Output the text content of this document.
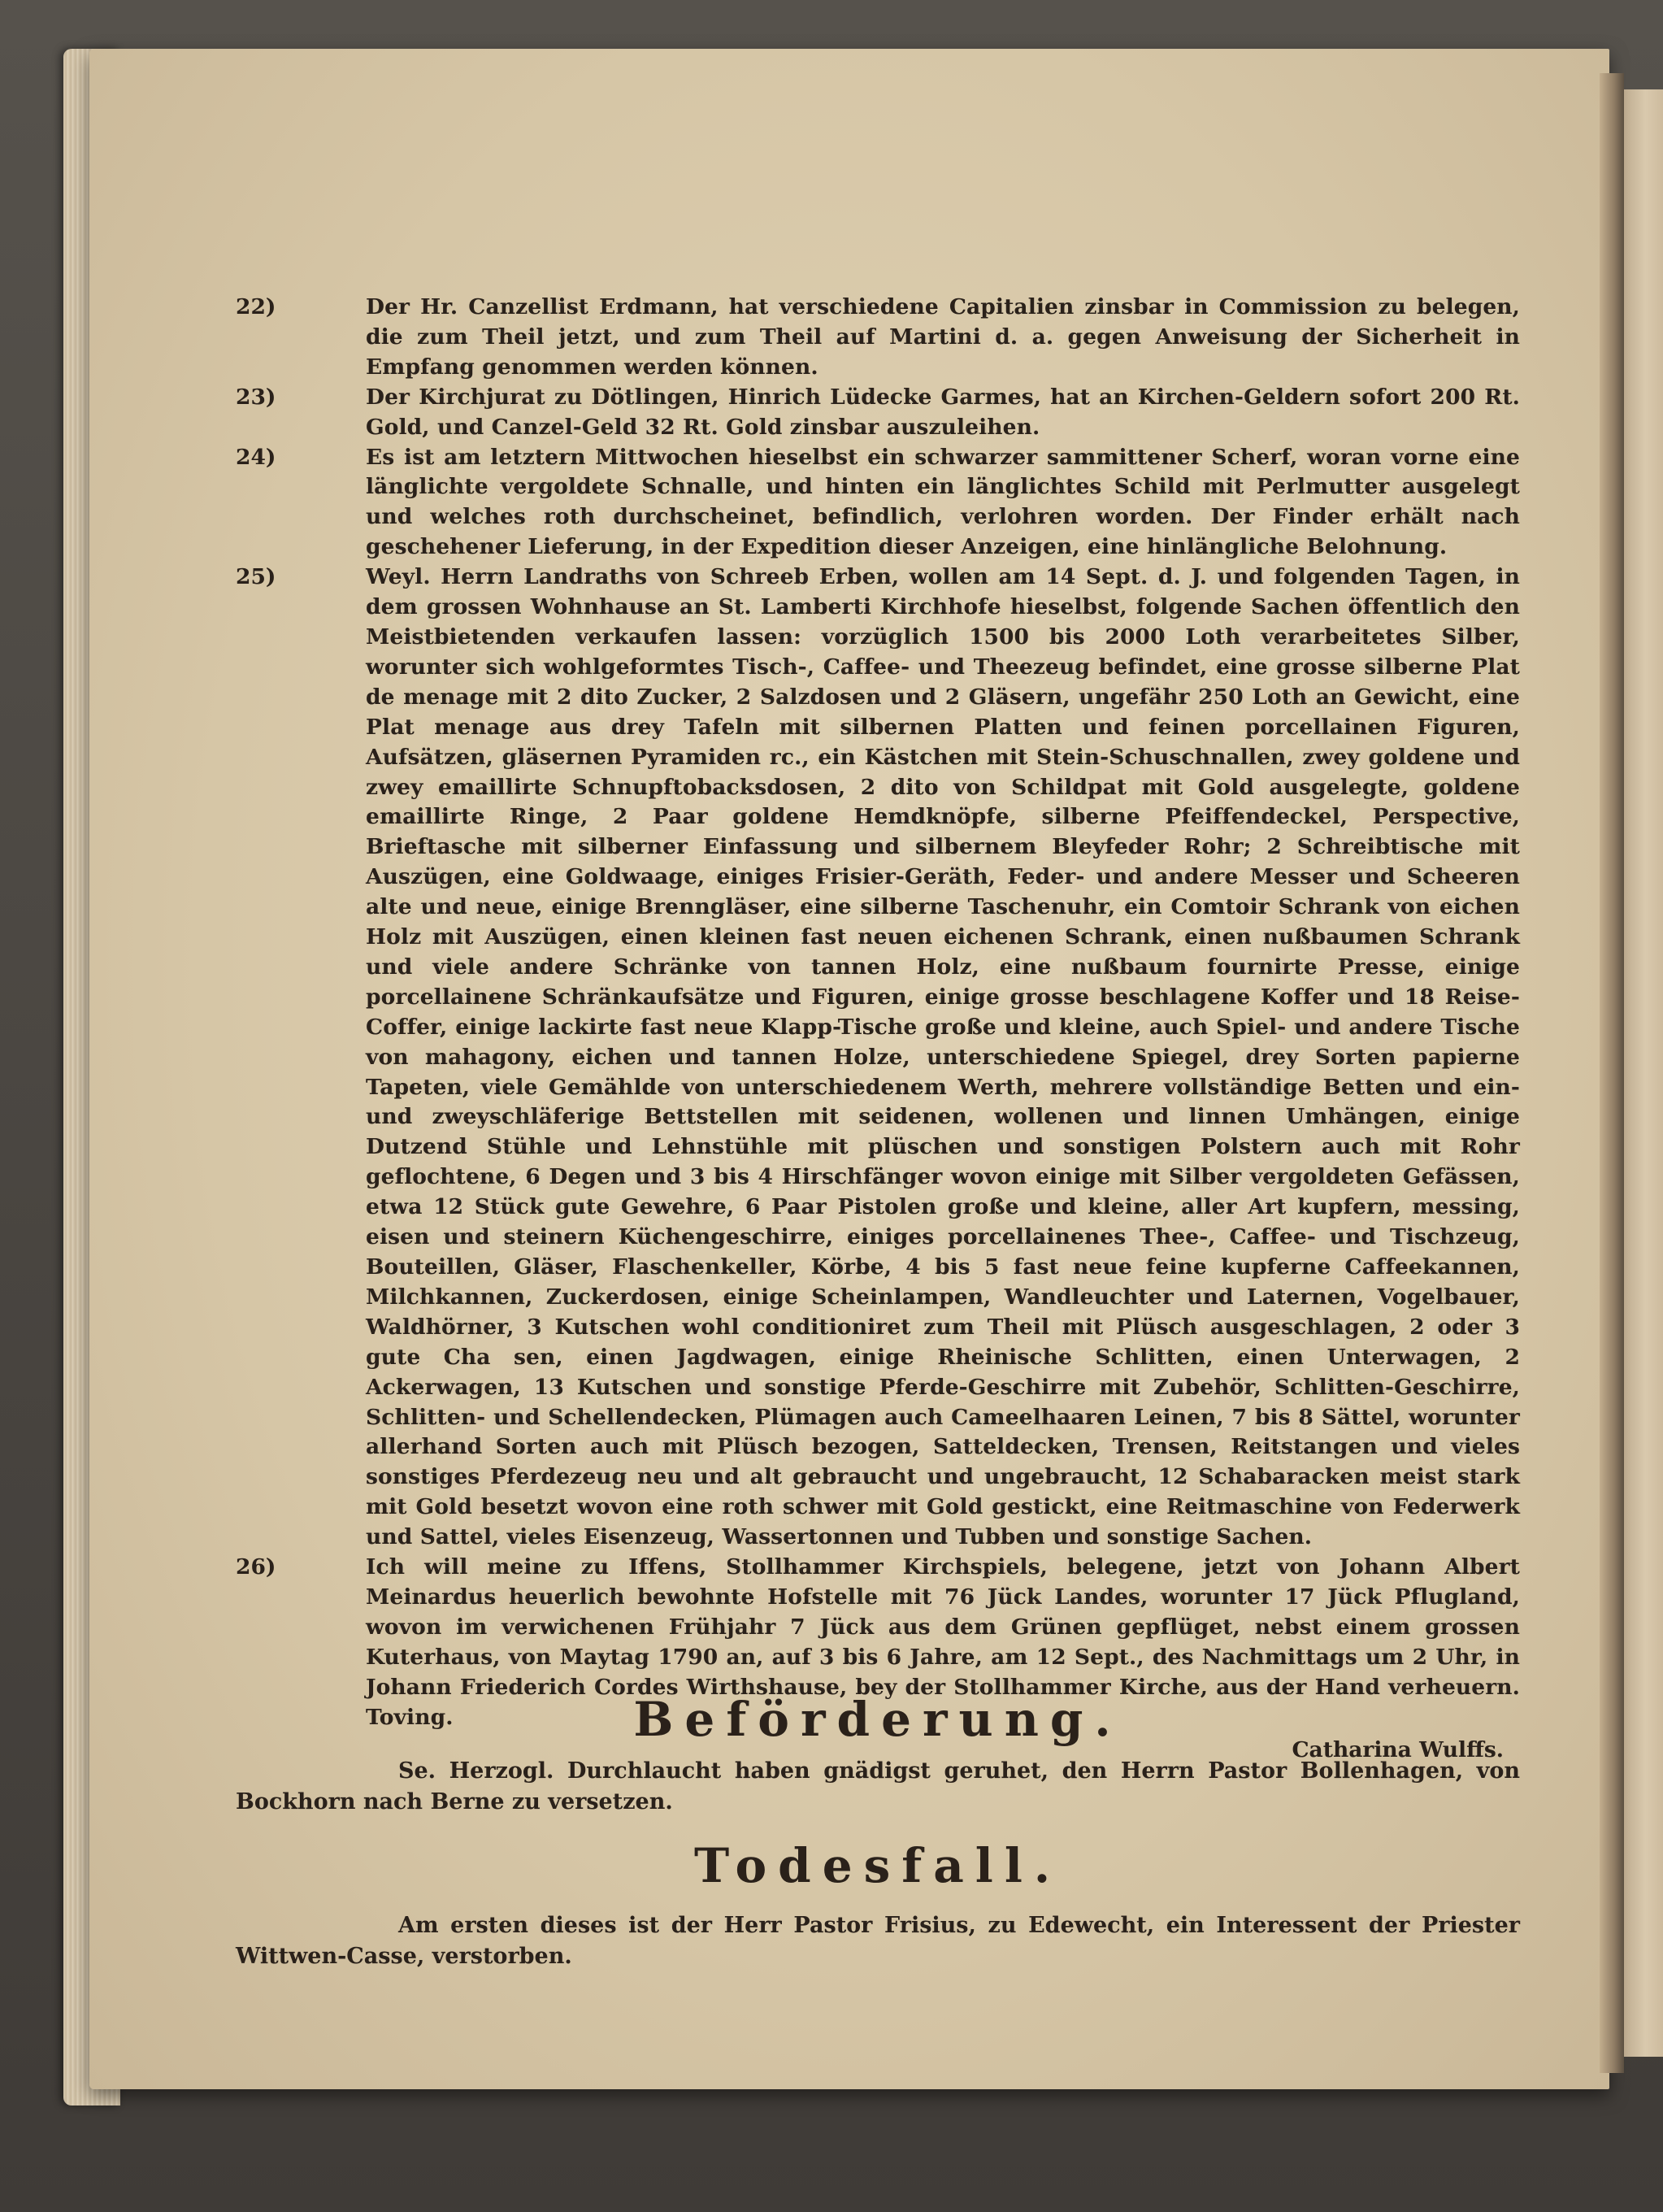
22)	Der Hr. Canzellist Erdmann, hat verschiedene Capitalien zinsbar in Commission zu belegen, die zum Theil jetzt, und zum Theil auf Martini d. a. gegen Anweisung der Sicherheit in Empfang genommen werden können.

23)	Der Kirchjurat zu Dötlingen, Hinrich Lüdecke Garmes, hat an Kirchen-Geldern sofort 200 Rt. Gold, und Canzel-Geld 32 Rt. Gold zinsbar auszuleihen.

24)	Es ist am letztern Mittwochen hieselbst ein schwarzer sammittener Scherf, woran vorne eine länglichte vergoldete Schnalle, und hinten ein länglichtes Schild mit Perlmutter ausgelegt und welches roth durchscheinet, befindlich, verlohren worden. Der Finder erhält nach geschehener Lieferung, in der Expedition dieser Anzeigen, eine hinlängliche Belohnung.

25)	Weyl. Herrn Landraths von Schreeb Erben, wollen am 14 Sept. d. J. und folgenden Tagen, in dem grossen Wohnhause an St. Lamberti Kirchhofe hieselbst, folgende Sachen öffentlich den Meistbietenden verkaufen lassen: vorzüglich 1500 bis 2000 Loth verarbeitetes Silber, worunter sich wohlgeformtes Tisch-, Caffee- und Theezeug befindet, eine grosse silberne Plat de menage mit 2 dito Zucker, 2 Salzdosen und 2 Gläsern, ungefähr 250 Loth an Gewicht, eine Plat menage aus drey Tafeln mit silbernen Platten und feinen porcellainen Figuren, Aufsätzen, gläsernen Pyramiden rc., ein Kästchen mit Stein-Schuschnallen, zwey goldene und zwey emaillirte Schnupftobacksdosen, 2 dito von Schildpat mit Gold ausgelegte, goldene emaillirte Ringe, 2 Paar goldene Hemdknöpfe, silberne Pfeiffendeckel, Perspective, Brieftasche mit silberner Einfassung und silbernem Bleyfeder Rohr; 2 Schreibtische mit Auszügen, eine Goldwaage, einiges Frisier-Geräth, Feder- und andere Messer und Scheeren alte und neue, einige Brenngläser, eine silberne Taschenuhr, ein Comtoir Schrank von eichen Holz mit Auszügen, einen kleinen fast neuen eichenen Schrank, einen nußbaumen Schrank und viele andere Schränke von tannen Holz, eine nußbaum fournirte Presse, einige porcellainene Schränkaufsätze und Figuren, einige grosse beschlagene Koffer und 18 Reise-Coffer, einige lackirte fast neue Klapp-Tische große und kleine, auch Spiel- und andere Tische von mahagony, eichen und tannen Holze, unterschiedene Spiegel, drey Sorten papierne Tapeten, viele Gemählde von unterschiedenem Werth, mehrere vollständige Betten und ein- und zweyschläferige Bettstellen mit seidenen, wollenen und linnen Umhängen, einige Dutzend Stühle und Lehnstühle mit plüschen und sonstigen Polstern auch mit Rohr geflochtene, 6 Degen und 3 bis 4 Hirschfänger wovon einige mit Silber vergoldeten Gefässen, etwa 12 Stück gute Gewehre, 6 Paar Pistolen große und kleine, aller Art kupfern, messing, eisen und steinern Küchengeschirre, einiges porcellainenes Thee-, Caffee- und Tischzeug, Bouteillen, Gläser, Flaschenkeller, Körbe, 4 bis 5 fast neue feine kupferne Caffeekannen, Milchkannen, Zuckerdosen, einige Scheinlampen, Wandleuchter und Laternen, Vogelbauer, Waldhörner, 3 Kutschen wohl conditioniret zum Theil mit Plüsch ausgeschlagen, 2 oder 3 gute Cha sen, einen Jagdwagen, einige Rheinische Schlitten, einen Unterwagen, 2 Ackerwagen, 13 Kutschen und sonstige Pferde-Geschirre mit Zubehör, Schlitten-Geschirre, Schlitten- und Schellendecken, Plümagen auch Cameelhaaren Leinen, 7 bis 8 Sättel, worunter allerhand Sorten auch mit Plüsch bezogen, Satteldecken, Trensen, Reitstangen und vieles sonstiges Pferdezeug neu und alt gebraucht und ungebraucht, 12 Schabaracken meist stark mit Gold besetzt wovon eine roth schwer mit Gold gestickt, eine Reitmaschine von Federwerk und Sattel, vieles Eisenzeug, Wassertonnen und Tubben und sonstige Sachen.

26)	Ich will meine zu Iffens, Stollhammer Kirchspiels, belegene, jetzt von Johann Albert Meinardus heuerlich bewohnte Hofstelle mit 76 Jück Landes, worunter 17 Jück Pflugland, wovon im verwichenen Frühjahr 7 Jück aus dem Grünen gepflüget, nebst einem grossen Kuterhaus, von Maytag 1790 an, auf 3 bis 6 Jahre, am 12 Sept., des Nachmittags um 2 Uhr, in Johann Friederich Cordes Wirthshause, bey der Stollhammer Kirche, aus der Hand verheuern. Toving.

Catharina Wulffs.
Beförderung.

Se. Herzogl. Durchlaucht haben gnädigst geruhet, den Herrn Pastor Bollenhagen, von Bockhorn nach Berne zu versetzen.

Todesfall.

Am ersten dieses ist der Herr Pastor Frisius, zu Edewecht, ein Interessent der Priester Wittwen-Casse, verstorben.
